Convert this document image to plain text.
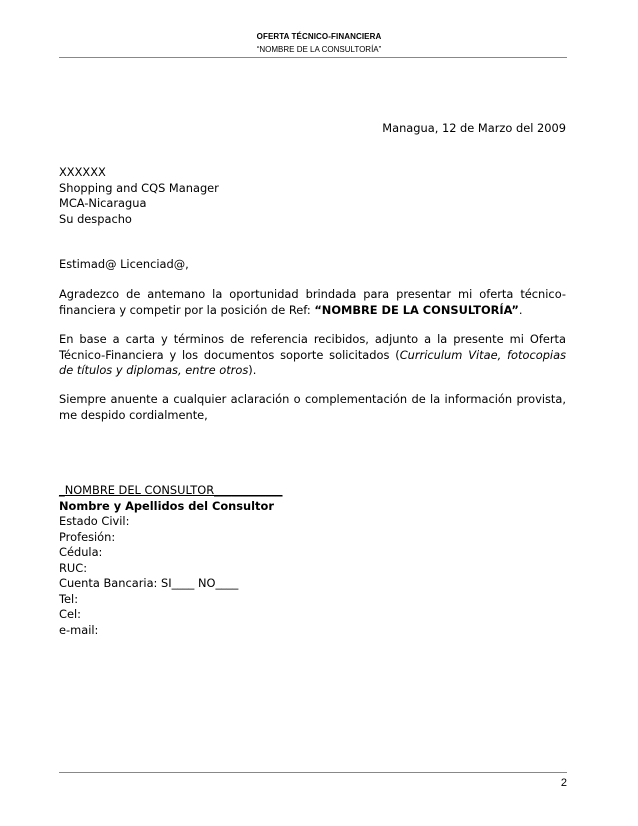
OFERTA TÉCNICO-FINANCIERA
“NOMBRE DE LA CONSULTORÍA”
Managua, 12 de Marzo del 2009
XXXXXX
Shopping and CQS Manager
MCA-Nicaragua
Su despacho
Estimad@ Licenciad@,
Agradezco de antemano la oportunidad brindada para presentar mi oferta técnico-financiera y competir por la posición de Ref: “NOMBRE DE LA CONSULTORÍA”.
En base a carta y términos de referencia recibidos, adjunto a la presente mi Oferta Técnico-Financiera y los documentos soporte solicitados (Curriculum Vitae, fotocopias de títulos y diplomas, entre otros).
Siempre anuente a cualquier aclaración o complementación de la información provista, me despido cordialmente,
_NOMBRE DEL CONSULTOR____________
Nombre y Apellidos del Consultor
Estado Civil:
Profesión:
Cédula:
RUC:
Cuenta Bancaria: SI____ NO____
Tel:
Cel:
e-mail:
2
